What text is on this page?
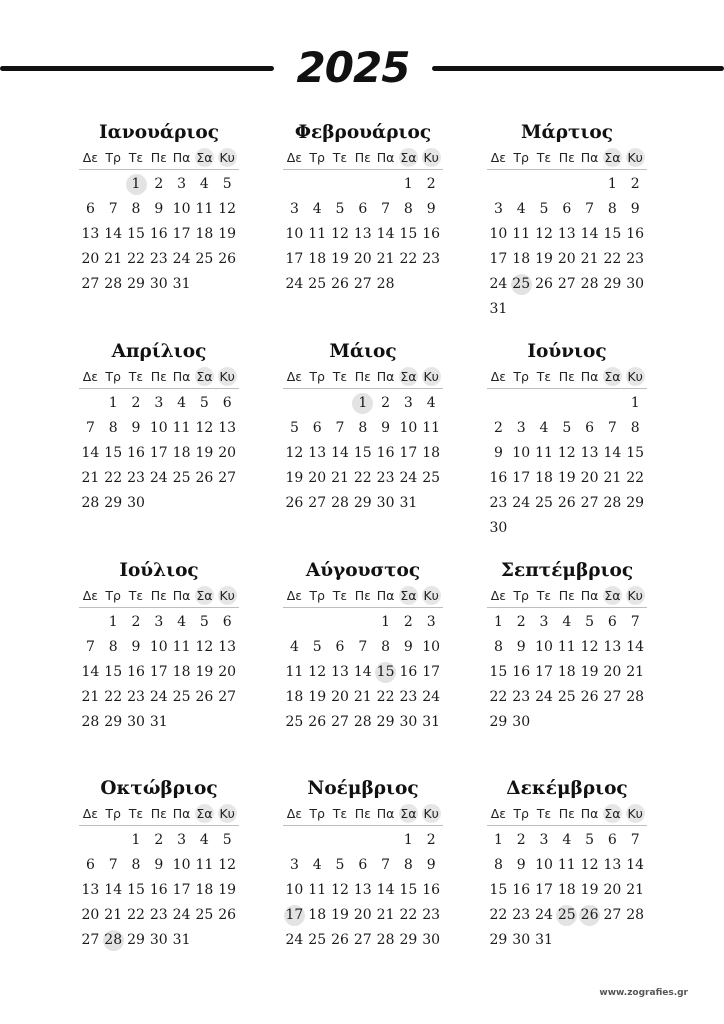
2025
Ιανουάριος
Δε Τρ Τε Πε Πα Σα Κυ
1 2 3 4 5
6 7 8 9 10 11 12
13 14 15 16 17 18 19
20 21 22 23 24 25 26
27 28 29 30 31
Φεβρουάριος
Δε Τρ Τε Πε Πα Σα Κυ
1 2
3 4 5 6 7 8 9
10 11 12 13 14 15 16
17 18 19 20 21 22 23
24 25 26 27 28
Μάρτιος
Δε Τρ Τε Πε Πα Σα Κυ
1 2
3 4 5 6 7 8 9
10 11 12 13 14 15 16
17 18 19 20 21 22 23
24 25 26 27 28 29 30
31
Απρίλιος
Δε Τρ Τε Πε Πα Σα Κυ
1 2 3 4 5 6
7 8 9 10 11 12 13
14 15 16 17 18 19 20
21 22 23 24 25 26 27
28 29 30
Μάιος
Δε Τρ Τε Πε Πα Σα Κυ
1 2 3 4
5 6 7 8 9 10 11
12 13 14 15 16 17 18
19 20 21 22 23 24 25
26 27 28 29 30 31
Ιούνιος
Δε Τρ Τε Πε Πα Σα Κυ
1
2 3 4 5 6 7 8
9 10 11 12 13 14 15
16 17 18 19 20 21 22
23 24 25 26 27 28 29
30
Ιούλιος
Δε Τρ Τε Πε Πα Σα Κυ
1 2 3 4 5 6
7 8 9 10 11 12 13
14 15 16 17 18 19 20
21 22 23 24 25 26 27
28 29 30 31
Αύγουστος
Δε Τρ Τε Πε Πα Σα Κυ
1 2 3
4 5 6 7 8 9 10
11 12 13 14 15 16 17
18 19 20 21 22 23 24
25 26 27 28 29 30 31
Σεπτέμβριος
Δε Τρ Τε Πε Πα Σα Κυ
1 2 3 4 5 6 7
8 9 10 11 12 13 14
15 16 17 18 19 20 21
22 23 24 25 26 27 28
29 30
Οκτώβριος
Δε Τρ Τε Πε Πα Σα Κυ
1 2 3 4 5
6 7 8 9 10 11 12
13 14 15 16 17 18 19
20 21 22 23 24 25 26
27 28 29 30 31
Νοέμβριος
Δε Τρ Τε Πε Πα Σα Κυ
1 2
3 4 5 6 7 8 9
10 11 12 13 14 15 16
17 18 19 20 21 22 23
24 25 26 27 28 29 30
Δεκέμβριος
Δε Τρ Τε Πε Πα Σα Κυ
1 2 3 4 5 6 7
8 9 10 11 12 13 14
15 16 17 18 19 20 21
22 23 24 25 26 27 28
29 30 31
www.zografies.gr
